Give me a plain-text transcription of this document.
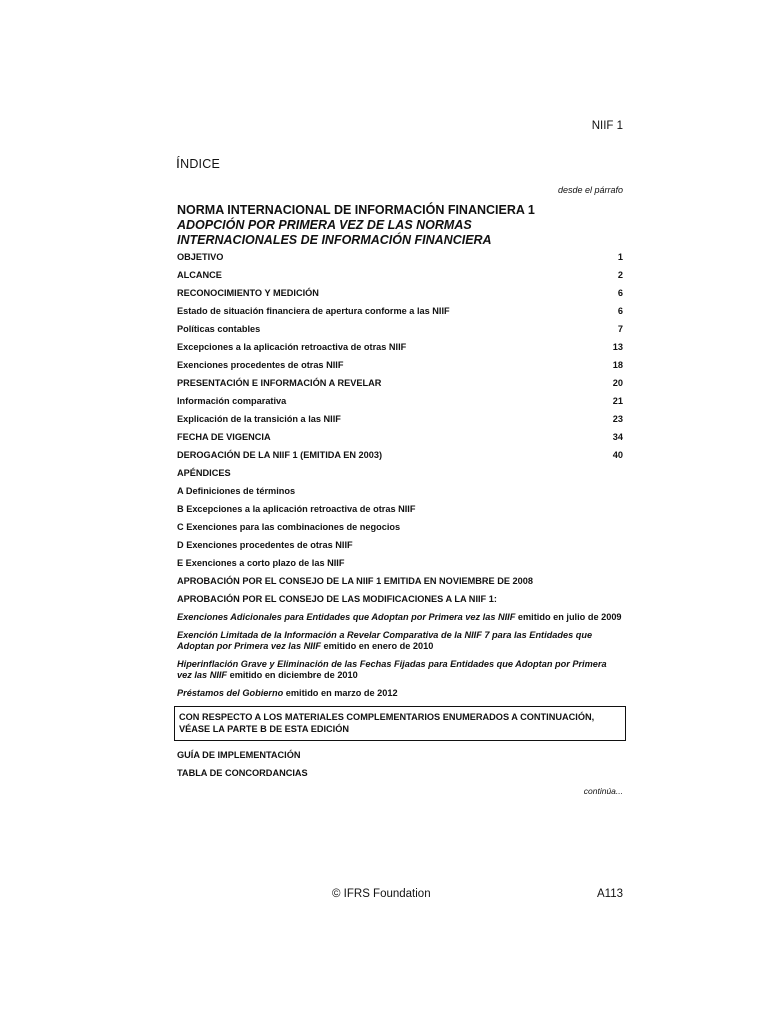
NIIF 1
ÍNDICE
desde el párrafo
NORMA INTERNACIONAL DE INFORMACIÓN FINANCIERA 1
ADOPCIÓN POR PRIMERA VEZ DE LAS NORMAS
INTERNACIONALES DE INFORMACIÓN FINANCIERA
OBJETIVO	1
ALCANCE	2
RECONOCIMIENTO Y MEDICIÓN	6
Estado de situación financiera de apertura conforme a las NIIF	6
Políticas contables	7
Excepciones a la aplicación retroactiva de otras NIIF	13
Exenciones procedentes de otras NIIF	18
PRESENTACIÓN E INFORMACIÓN A REVELAR	20
Información comparativa	21
Explicación de la transición a las NIIF	23
FECHA DE VIGENCIA	34
DEROGACIÓN DE LA NIIF 1 (EMITIDA EN 2003)	40
APÉNDICES
A Definiciones de términos
B Excepciones a la aplicación retroactiva de otras NIIF
C Exenciones para las combinaciones de negocios
D Exenciones procedentes de otras NIIF
E Exenciones a corto plazo de las NIIF
APROBACIÓN POR EL CONSEJO DE LA NIIF 1 EMITIDA EN NOVIEMBRE DE 2008
APROBACIÓN POR EL CONSEJO DE LAS MODIFICACIONES A LA NIIF 1:
Exenciones Adicionales para Entidades que Adoptan por Primera vez las NIIF emitido en julio de 2009
Exención Limitada de la Información a Revelar Comparativa de la NIIF 7 para las Entidades que Adoptan por Primera vez las NIIF emitido en enero de 2010
Hiperinflación Grave y Eliminación de las Fechas Fijadas para Entidades que Adoptan por Primera vez las NIIF emitido en diciembre de 2010
Préstamos del Gobierno emitido en marzo de 2012
CON RESPECTO A LOS MATERIALES COMPLEMENTARIOS ENUMERADOS A CONTINUACIÓN, VÉASE LA PARTE B DE ESTA EDICIÓN
GUÍA DE IMPLEMENTACIÓN
TABLA DE CONCORDANCIAS
continúa...
© IFRS Foundation	A113
